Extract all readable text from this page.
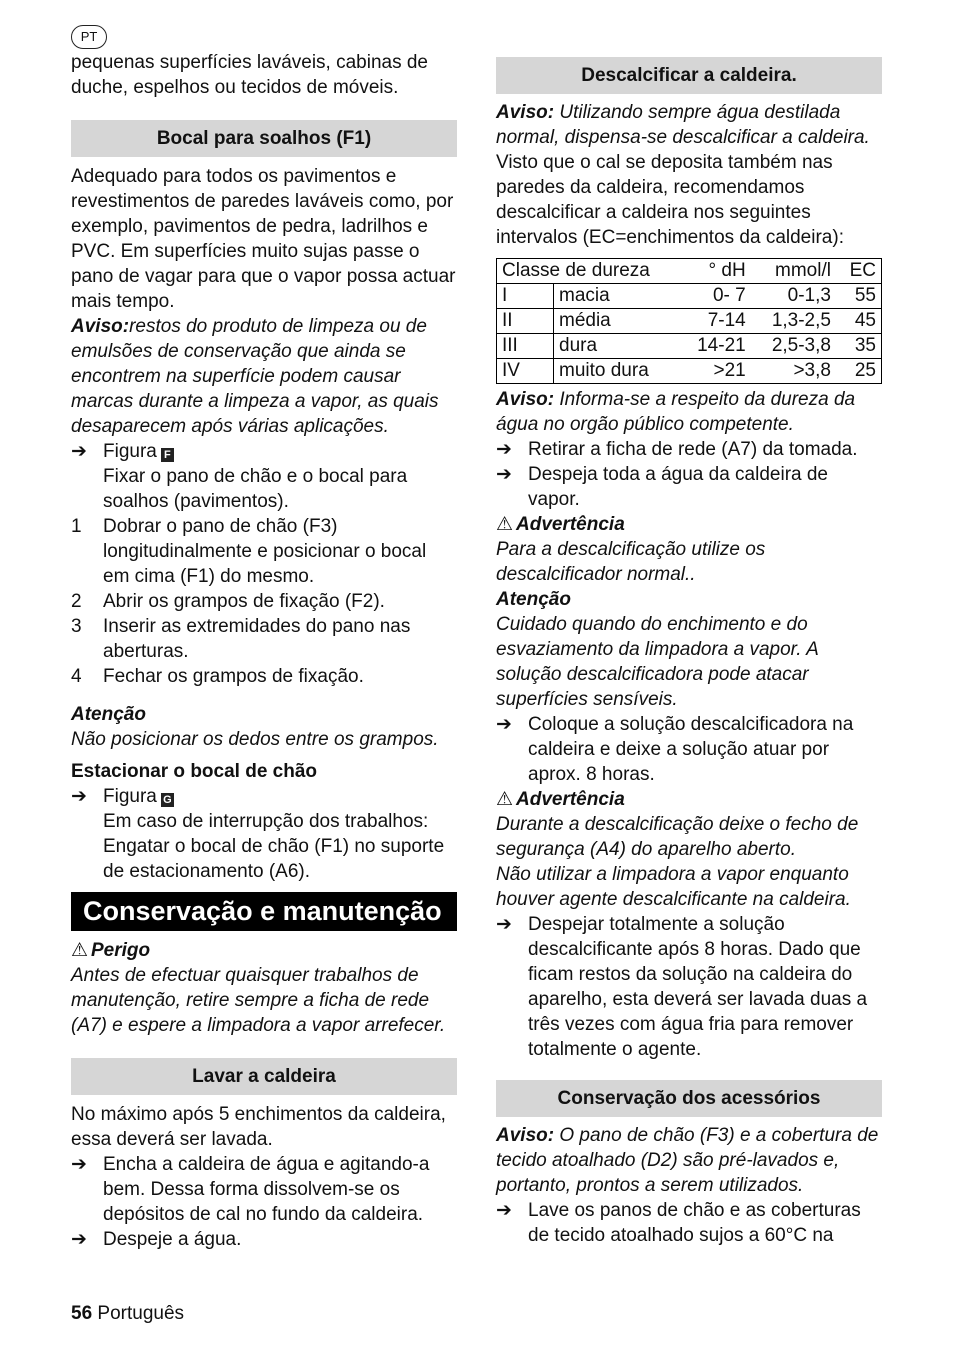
PT

pequenas superfícies laváveis, cabinas de duche, espelhos ou tecidos de móveis.

Bocal para soalhos (F1)

Adequado para todos os pavimentos e revestimentos de paredes laváveis como, por exemplo, pavimentos de pedra, ladrilhos e PVC. Em superfícies muito sujas passe o pano de vagar para que o vapor possa actuar mais tempo.

Aviso:restos do produto de limpeza ou de emulsões de conservação que ainda se encontrem na superfície podem causar marcas durante a limpeza a vapor, as quais desaparecem após várias aplicações.

➔ Figura F

Fixar o pano de chão e o bocal para soalhos (pavimentos).

1	Dobrar o pano de chão (F3) longitudinalmente e posicionar o bocal em cima (F1) do mesmo.
2	Abrir os grampos de fixação (F2).
3	Inserir as extremidades do pano nas aberturas.
4	Fechar os grampos de fixação.

Atenção

Não posicionar os dedos entre os grampos.

Estacionar o bocal de chão

➔ Figura G

Em caso de interrupção dos trabalhos: Engatar o bocal de chão (F1) no suporte de estacionamento (A6).

Conservação e manutenção

⚠ Perigo

Antes de efectuar quaisquer trabalhos de manutenção, retire sempre a ficha de rede (A7) e espere a limpadora a vapor arrefecer.

Lavar a caldeira

No máximo após 5 enchimentos da caldeira, essa deverá ser lavada.

➔ Encha a caldeira de água e agitando-a bem. Dessa forma dissolvem-se os depósitos de cal no fundo da caldeira.
➔ Despeje a água.
Descalcificar a caldeira.

Aviso: Utilizando sempre água destilada normal, dispensa-se descalcificar a caldeira.

Visto que o cal se deposita também nas paredes da caldeira, recomendamos descalcificar a caldeira nos seguintes intervalos (EC=enchimentos da caldeira):

Classe de dureza		° dH	mmol/l	EC
I	macia	0- 7	0-1,3	55
II	média	7-14	1,3-2,5	45
III	dura	14-21	2,5-3,8	35
IV	muito dura	>21	>3,8	25

Aviso: Informa-se a respeito da dureza da água no orgão público competente.

➔ Retirar a ficha de rede (A7) da tomada.
➔ Despeja toda a água da caldeira de vapor.

⚠ Advertência

Para a descalcificação utilize os descalcificador normal..

Atenção

Cuidado quando do enchimento e do esvaziamento da limpadora a vapor. A solução descalcificadora pode atacar superfícies sensíveis.

➔ Coloque a solução descalcificadora na caldeira e deixe a solução atuar por aprox. 8 horas.

⚠ Advertência

Durante a descalcificação deixe o fecho de segurança (A4) do aparelho aberto.

Não utilizar a limpadora a vapor enquanto houver agente descalcificante na caldeira.

➔ Despejar totalmente a solução descalcificante após 8 horas. Dado que ficam restos da solução na caldeira do aparelho, esta deverá ser lavada duas a três vezes com água fria para remover totalmente o agente.
Conservação dos acessórios

Aviso: O pano de chão (F3) e a cobertura de tecido atoalhado (D2) são pré-lavados e, portanto, prontos a serem utilizados.

➔ Lave os panos de chão e as coberturas de tecido atoalhado sujos a 60°C na
56 Português
